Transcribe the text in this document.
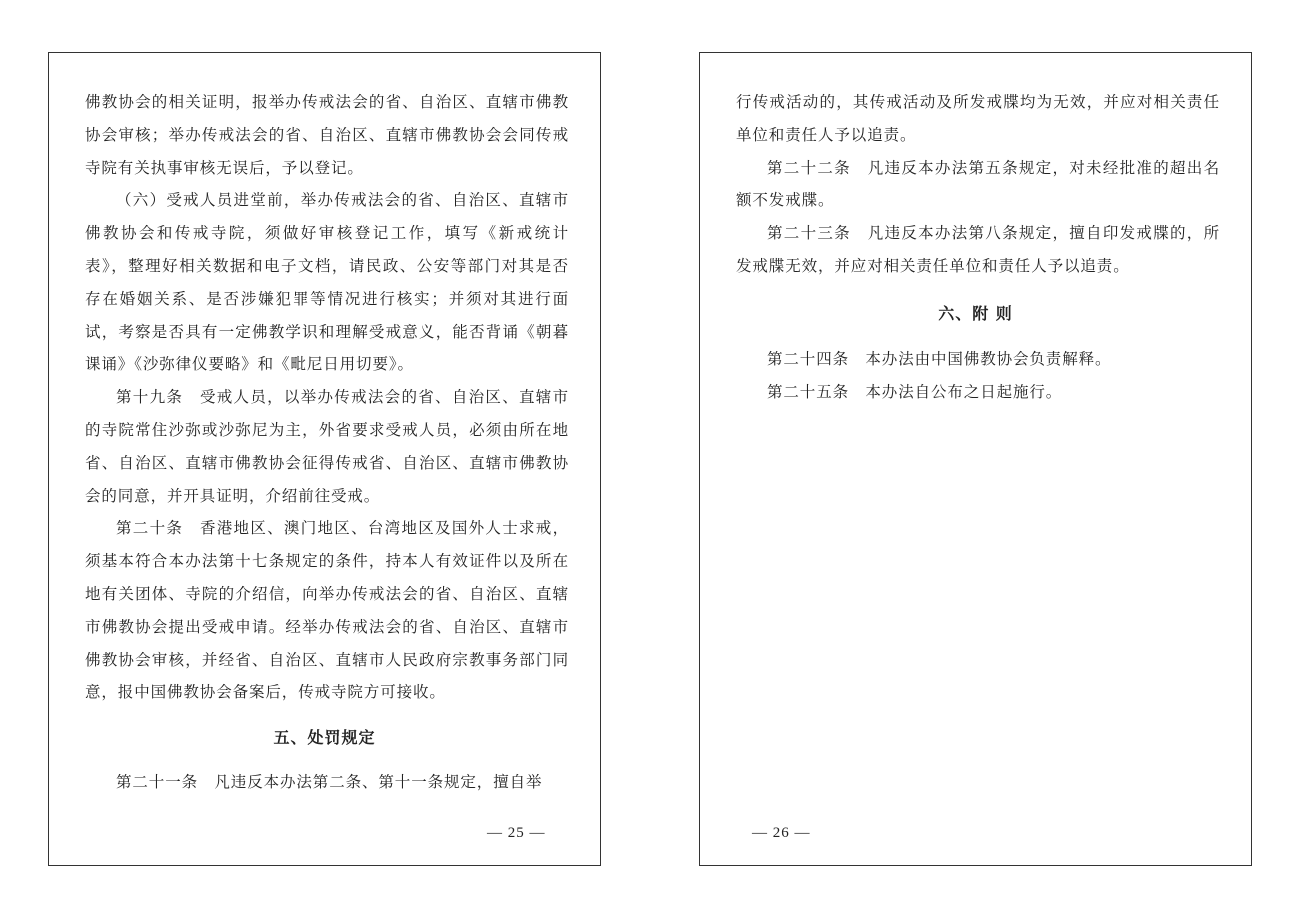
佛教协会的相关证明，报举办传戒法会的省、自治区、直辖市佛教协会审核；举办传戒法会的省、自治区、直辖市佛教协会会同传戒寺院有关执事审核无误后，予以登记。

（六）受戒人员进堂前，举办传戒法会的省、自治区、直辖市佛教协会和传戒寺院，须做好审核登记工作，填写《新戒统计表》，整理好相关数据和电子文档，请民政、公安等部门对其是否存在婚姻关系、是否涉嫌犯罪等情况进行核实；并须对其进行面试，考察是否具有一定佛教学识和理解受戒意义，能否背诵《朝暮课诵》《沙弥律仪要略》和《毗尼日用切要》。

第十九条　受戒人员，以举办传戒法会的省、自治区、直辖市的寺院常住沙弥或沙弥尼为主，外省要求受戒人员，必须由所在地省、自治区、直辖市佛教协会征得传戒省、自治区、直辖市佛教协会的同意，并开具证明，介绍前往受戒。

第二十条　香港地区、澳门地区、台湾地区及国外人士求戒，须基本符合本办法第十七条规定的条件，持本人有效证件以及所在地有关团体、寺院的介绍信，向举办传戒法会的省、自治区、直辖市佛教协会提出受戒申请。经举办传戒法会的省、自治区、直辖市佛教协会审核，并经省、自治区、直辖市人民政府宗教事务部门同意，报中国佛教协会备案后，传戒寺院方可接收。

五、处罚规定

第二十一条　凡违反本办法第二条、第十一条规定，擅自举

— 25 —

行传戒活动的，其传戒活动及所发戒牒均为无效，并应对相关责任单位和责任人予以追责。

第二十二条　凡违反本办法第五条规定，对未经批准的超出名额不发戒牒。

第二十三条　凡违反本办法第八条规定，擅自印发戒牒的，所发戒牒无效，并应对相关责任单位和责任人予以追责。

六、附 则

第二十四条　本办法由中国佛教协会负责解释。

第二十五条　本办法自公布之日起施行。

— 26 —
